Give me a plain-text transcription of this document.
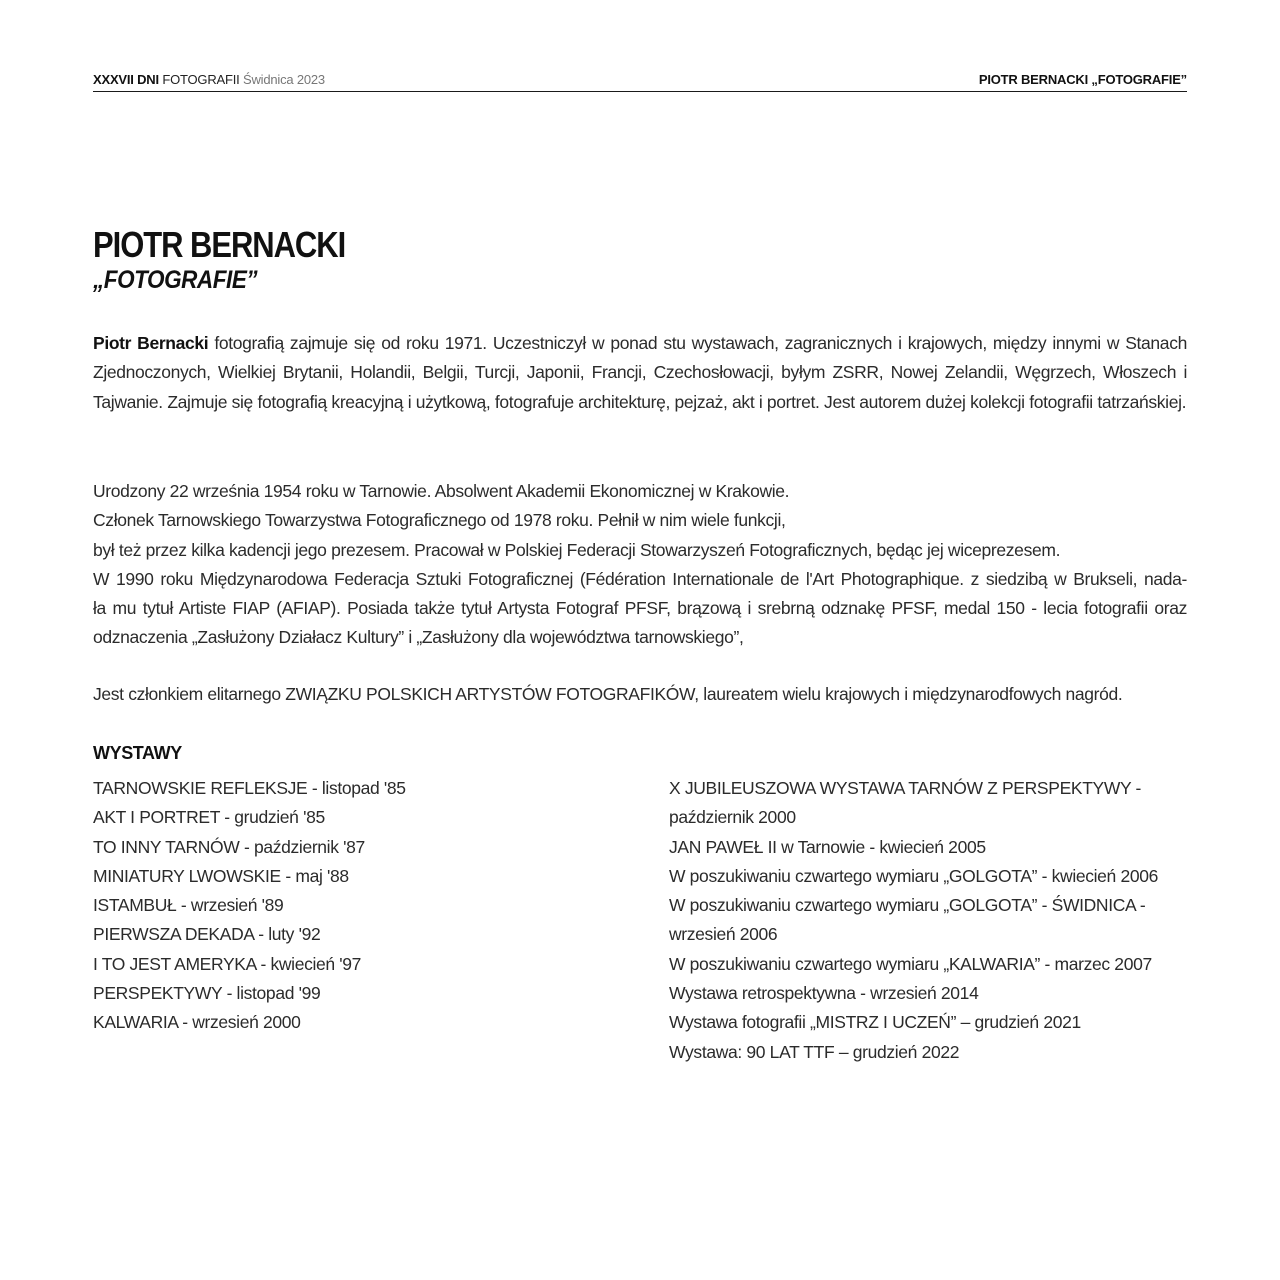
XXXVII DNI FOTOGRAFII Świdnica 2023	PIOTR BERNACKI „FOTOGRAFIE”
PIOTR BERNACKI
„FOTOGRAFIE”

Piotr Bernacki fotografią zajmuje się od roku 1971. Uczestniczył w ponad stu wystawach, zagranicznych i krajowych, między innymi w Stanach Zjednoczonych, Wielkiej Brytanii, Holandii, Belgii, Turcji, Japonii, Francji, Czechosłowacji, byłym ZSRR, Nowej Zelandii, Węgrzech, Włoszech i Tajwanie. Zajmuje się fotografią kreacyjną i użytkową, fotografuje architekturę, pejzaż, akt i portret. Jest autorem dużej kolekcji fotografii tatrzańskiej.

Urodzony 22 września 1954 roku w Tarnowie. Absolwent Akademii Ekonomicznej w Krakowie.
Członek Tarnowskiego Towarzystwa Fotograficznego od 1978 roku. Pełnił w nim wiele funkcji,
był też przez kilka kadencji jego prezesem. Pracował w Polskiej Federacji Stowarzyszeń Fotograficznych, będąc jej wiceprezesem.
W 1990 roku Międzynarodowa Federacja Sztuki Fotograficznej (Fédération Internationale de l'Art Photographique. z siedzibą w Brukseli, nada-
ła mu tytuł Artiste FIAP (AFIAP). Posiada także tytuł Artysta Fotograf PFSF, brązową i srebrną odznakę PFSF, medal 150 - lecia fotografii oraz
odznaczenia „Zasłużony Działacz Kultury” i „Zasłużony dla województwa tarnowskiego”,

Jest członkiem elitarnego ZWIĄZKU POLSKICH ARTYSTÓW FOTOGRAFIKÓW, laureatem wielu krajowych i międzynarodfowych nagród.

WYSTAWY
TARNOWSKIE REFLEKSJE - listopad '85
AKT I PORTRET - grudzień '85
TO INNY TARNÓW - październik '87
MINIATURY LWOWSKIE - maj '88
ISTAMBUŁ - wrzesień '89
PIERWSZA DEKADA - luty '92
I TO JEST AMERYKA - kwiecień '97
PERSPEKTYWY - listopad '99
KALWARIA - wrzesień 2000
X JUBILEUSZOWA WYSTAWA TARNÓW Z PERSPEKTYWY -
październik 2000
JAN PAWEŁ II w Tarnowie - kwiecień 2005
W poszukiwaniu czwartego wymiaru „GOLGOTA” - kwiecień 2006
W poszukiwaniu czwartego wymiaru „GOLGOTA” - ŚWIDNICA -
wrzesień 2006
W poszukiwaniu czwartego wymiaru „KALWARIA” - marzec 2007
Wystawa retrospektywna - wrzesień 2014
Wystawa fotografii „MISTRZ I UCZEŃ” – grudzień 2021
Wystawa: 90 LAT TTF – grudzień 2022
